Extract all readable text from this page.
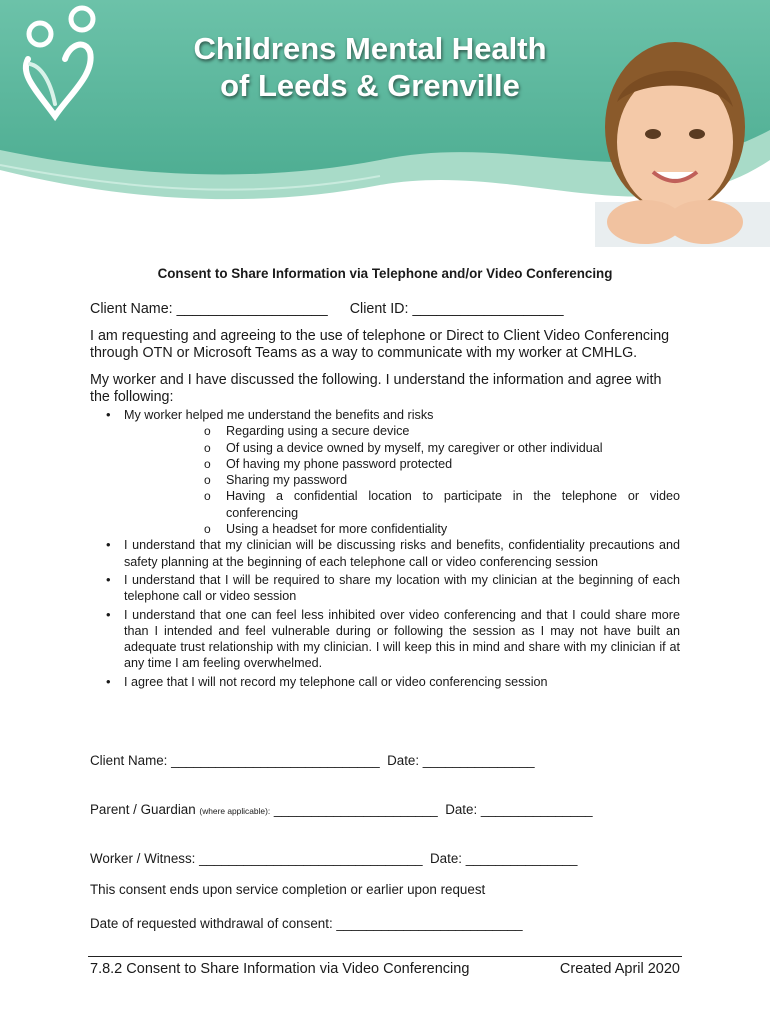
Childrens Mental Health
of Leeds & Grenville
Consent to Share Information via Telephone and/or Video Conferencing
Client Name: ___________________ Client ID: ___________________

I am requesting and agreeing to the use of telephone or Direct to Client Video Conferencing through OTN or Microsoft Teams as a way to communicate with my worker at CMHLG.

My worker and I have discussed the following. I understand the information and agree with the following:

• My worker helped me understand the benefits and risks
o Regarding using a secure device
o Of using a device owned by myself, my caregiver or other individual
o Of having my phone password protected
o Sharing my password
o Having a confidential location to participate in the telephone or video conferencing
o Using a headset for more confidentiality
• I understand that my clinician will be discussing risks and benefits, confidentiality precautions and safety planning at the beginning of each telephone call or video conferencing session
• I understand that I will be required to share my location with my clinician at the beginning of each telephone call or video session
• I understand that one can feel less inhibited over video conferencing and that I could share more than I intended and feel vulnerable during or following the session as I may not have built an adequate trust relationship with my clinician. I will keep this in mind and share with my clinician if at any time I am feeling overwhelmed.
• I agree that I will not record my telephone call or video conferencing session
Client Name: ____________________________  Date: _______________
Parent / Guardian (where applicable): ______________________  Date: _______________
Worker / Witness: ______________________________  Date: _______________
This consent ends upon service completion or earlier upon request
Date of requested withdrawal of consent: _________________________
7.8.2 Consent to Share Information via Video Conferencing	Created April 2020
